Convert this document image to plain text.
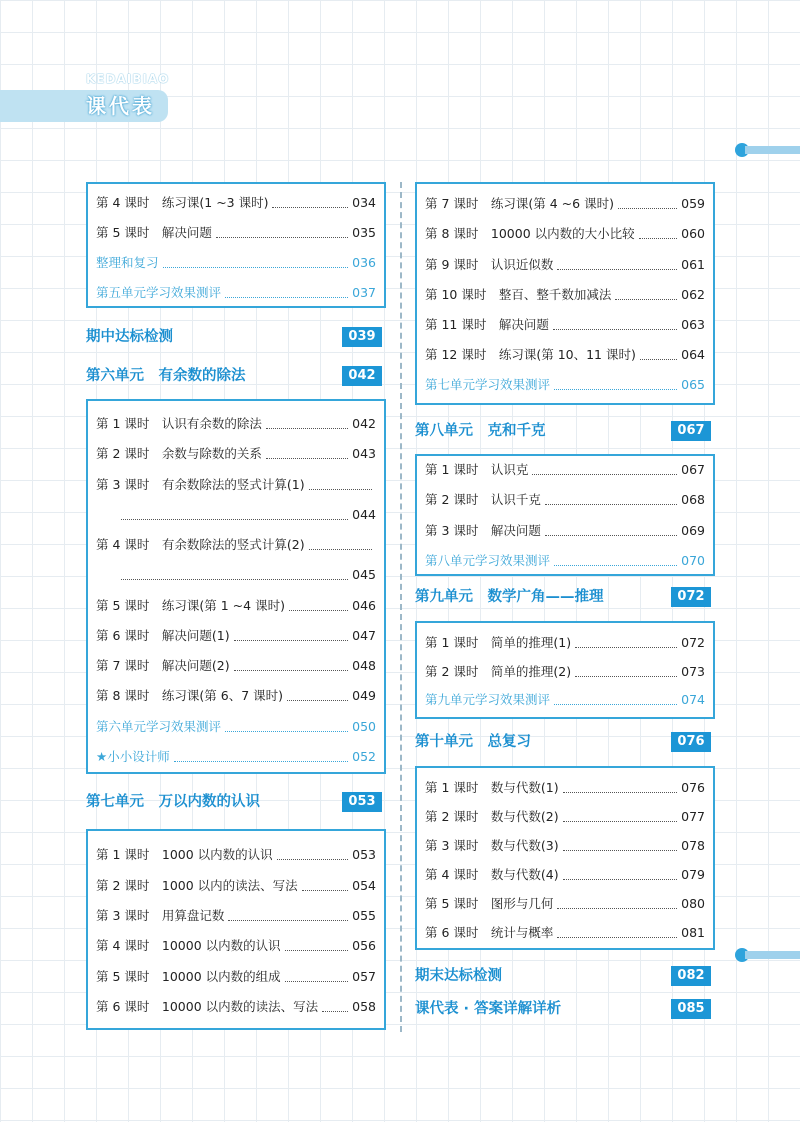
KEDAIBIAO
课代表
第 4 课时　练习课(1 ~3 课时)	034
第 5 课时　解决问题	035
整理和复习	036
第五单元学习效果测评	037
期中达标检测	039
第六单元　有余数的除法	042
第 1 课时　认识有余数的除法	042
第 2 课时　余数与除数的关系	043
第 3 课时　有余数除法的竖式计算(1)
044
第 4 课时　有余数除法的竖式计算(2)
045
第 5 课时　练习课(第 1 ~4 课时)	046
第 6 课时　解决问题(1)	047
第 7 课时　解决问题(2)	048
第 8 课时　练习课(第 6、7 课时)	049
第六单元学习效果测评	050
★小小设计师	052
第七单元　万以内数的认识	053
第 1 课时　1000 以内数的认识	053
第 2 课时　1000 以内的读法、写法	054
第 3 课时　用算盘记数	055
第 4 课时　10000 以内数的认识	056
第 5 课时　10000 以内数的组成	057
第 6 课时　10000 以内数的读法、写法	058
第 7 课时　练习课(第 4 ~6 课时)	059
第 8 课时　10000 以内数的大小比较	060
第 9 课时　认识近似数	061
第 10 课时　整百、整千数加减法	062
第 11 课时　解决问题	063
第 12 课时　练习课(第 10、11 课时)	064
第七单元学习效果测评	065
第八单元　克和千克	067
第 1 课时　认识克	067
第 2 课时　认识千克	068
第 3 课时　解决问题	069
第八单元学习效果测评	070
第九单元　数学广角——推理	072
第 1 课时　简单的推理(1)	072
第 2 课时　简单的推理(2)	073
第九单元学习效果测评	074
第十单元　总复习	076
第 1 课时　数与代数(1)	076
第 2 课时　数与代数(2)	077
第 3 课时　数与代数(3)	078
第 4 课时　数与代数(4)	079
第 5 课时　图形与几何	080
第 6 课时　统计与概率	081
期末达标检测	082
课代表 · 答案详解详析	085
